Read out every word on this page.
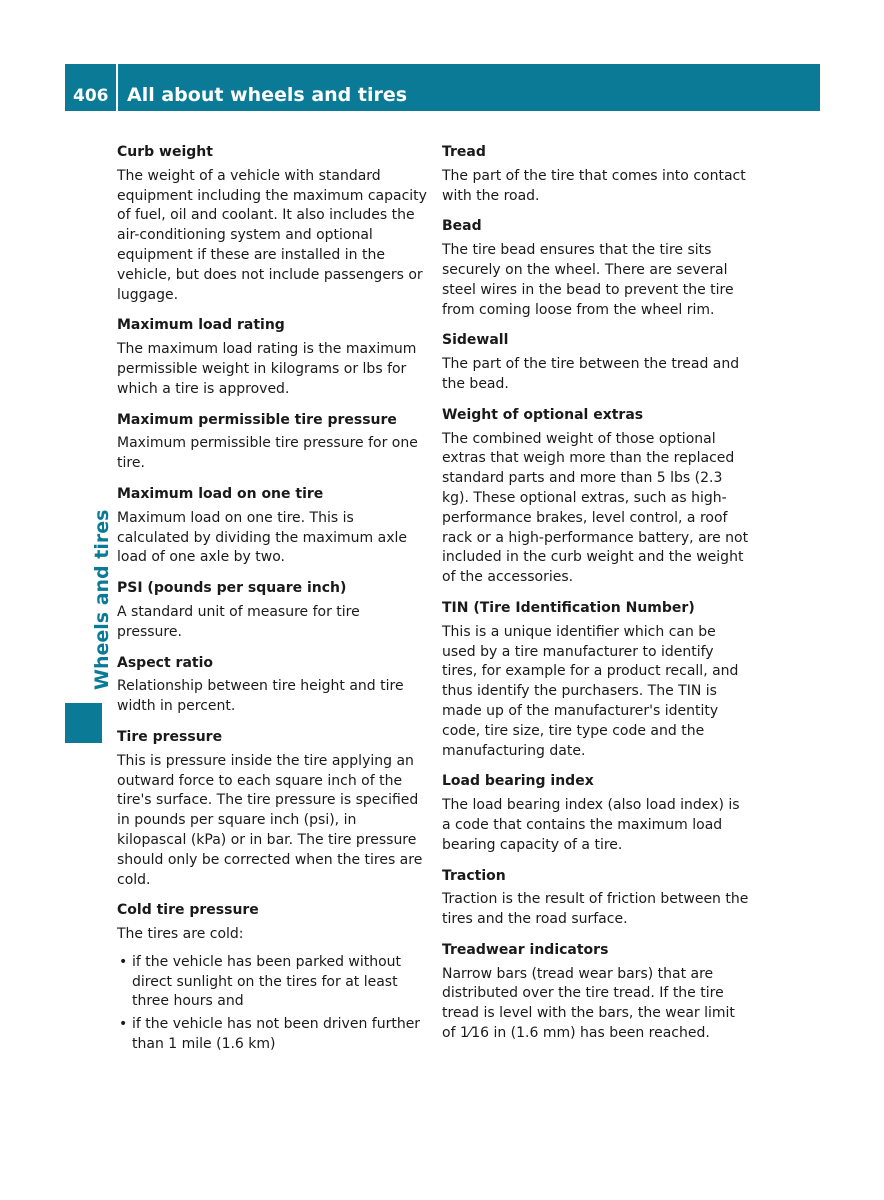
406 All about wheels and tires
Wheels and tires

Curb weight

The weight of a vehicle with standard equipment including the maximum capacity of fuel, oil and coolant. It also includes the air-conditioning system and optional equipment if these are installed in the vehicle, but does not include passengers or luggage.

Maximum load rating

The maximum load rating is the maximum permissible weight in kilograms or lbs for which a tire is approved.

Maximum permissible tire pressure

Maximum permissible tire pressure for one tire.

Maximum load on one tire

Maximum load on one tire. This is calculated by dividing the maximum axle load of one axle by two.

PSI (pounds per square inch)

A standard unit of measure for tire pressure.

Aspect ratio

Relationship between tire height and tire width in percent.

Tire pressure

This is pressure inside the tire applying an outward force to each square inch of the tire's surface. The tire pressure is specified in pounds per square inch (psi), in kilopascal (kPa) or in bar. The tire pressure should only be corrected when the tires are cold.

Cold tire pressure

The tires are cold:

• if the vehicle has been parked without direct sunlight on the tires for at least three hours and
• if the vehicle has not been driven further than 1 mile (1.6 km)

Tread

The part of the tire that comes into contact with the road.

Bead

The tire bead ensures that the tire sits securely on the wheel. There are several steel wires in the bead to prevent the tire from coming loose from the wheel rim.

Sidewall

The part of the tire between the tread and the bead.

Weight of optional extras

The combined weight of those optional extras that weigh more than the replaced standard parts and more than 5 lbs (2.3 kg). These optional extras, such as high-performance brakes, level control, a roof rack or a high-performance battery, are not included in the curb weight and the weight of the accessories.

TIN (Tire Identification Number)

This is a unique identifier which can be used by a tire manufacturer to identify tires, for example for a product recall, and thus identify the purchasers. The TIN is made up of the manufacturer's identity code, tire size, tire type code and the manufacturing date.

Load bearing index

The load bearing index (also load index) is a code that contains the maximum load bearing capacity of a tire.

Traction

Traction is the result of friction between the tires and the road surface.

Treadwear indicators

Narrow bars (tread wear bars) that are distributed over the tire tread. If the tire tread is level with the bars, the wear limit of 1⁄16 in (1.6 mm) has been reached.
